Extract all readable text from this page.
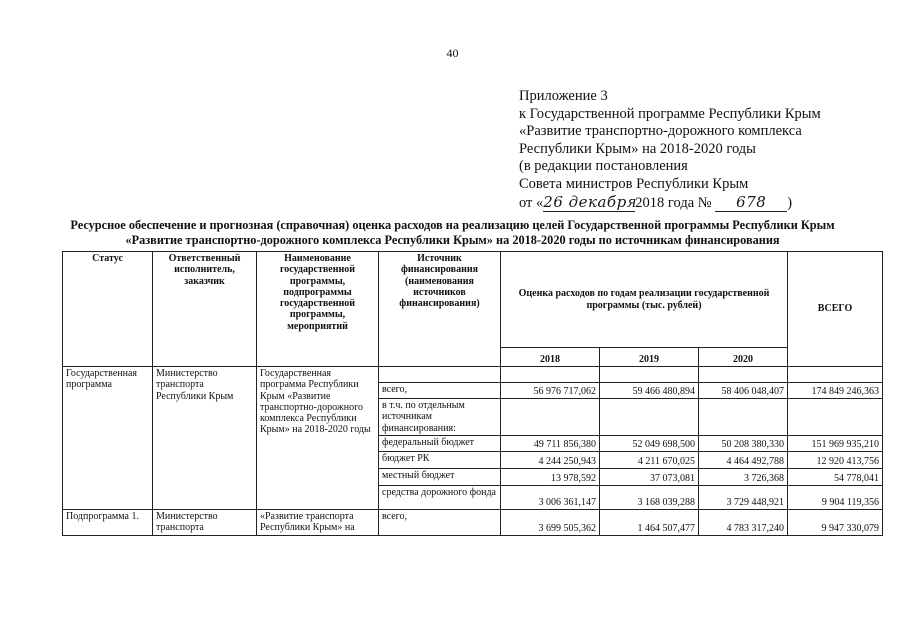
40
Приложение 3
к Государственной программе Республики Крым
«Развитие транспортно-дорожного комплекса
Республики Крым» на 2018-2020 годы
(в редакции постановления
Совета министров Республики Крым
от «26 декабря2018 года № 678 )
Ресурсное обеспечение и прогнозная (справочная) оценка расходов на реализацию целей Государственной программы Республики Крым
«Развитие транспортно-дорожного комплекса Республики Крым» на 2018-2020 годы по источникам финансирования
Статус	Ответственный исполнитель, заказчик	Наименование государственной программы, подпрограммы государственной программы, мероприятий	Источник финансирования (наименования источников финансирования)	Оценка расходов по годам реализации государственной программы (тыс. рублей)			ВСЕГО
				2018	2019	2020	
Государственная программа	Министерство транспорта Республики Крым	Государственная программа Республики Крым «Развитие транспортно-дорожного комплекса Республики Крым» на 2018-2020 годы					
			всего,	56 976 717,062	59 466 480,894	58 406 048,407	174 849 246,363
			в т.ч. по отдельным источникам финансирования:				
			федеральный бюджет	49 711 856,380	52 049 698,500	50 208 380,330	151 969 935,210
			бюджет РК	4 244 250,943	4 211 670,025	4 464 492,788	12 920 413,756
			местный бюджет	13 978,592	37 073,081	3 726,368	54 778,041
			средства дорожного фонда	3 006 361,147	3 168 039,288	3 729 448,921	9 904 119,356
Подпрограмма 1.	Министерство транспорта	«Развитие транспорта Республики Крым» на	всего,	3 699 505,362	1 464 507,477	4 783 317,240	9 947 330,079
